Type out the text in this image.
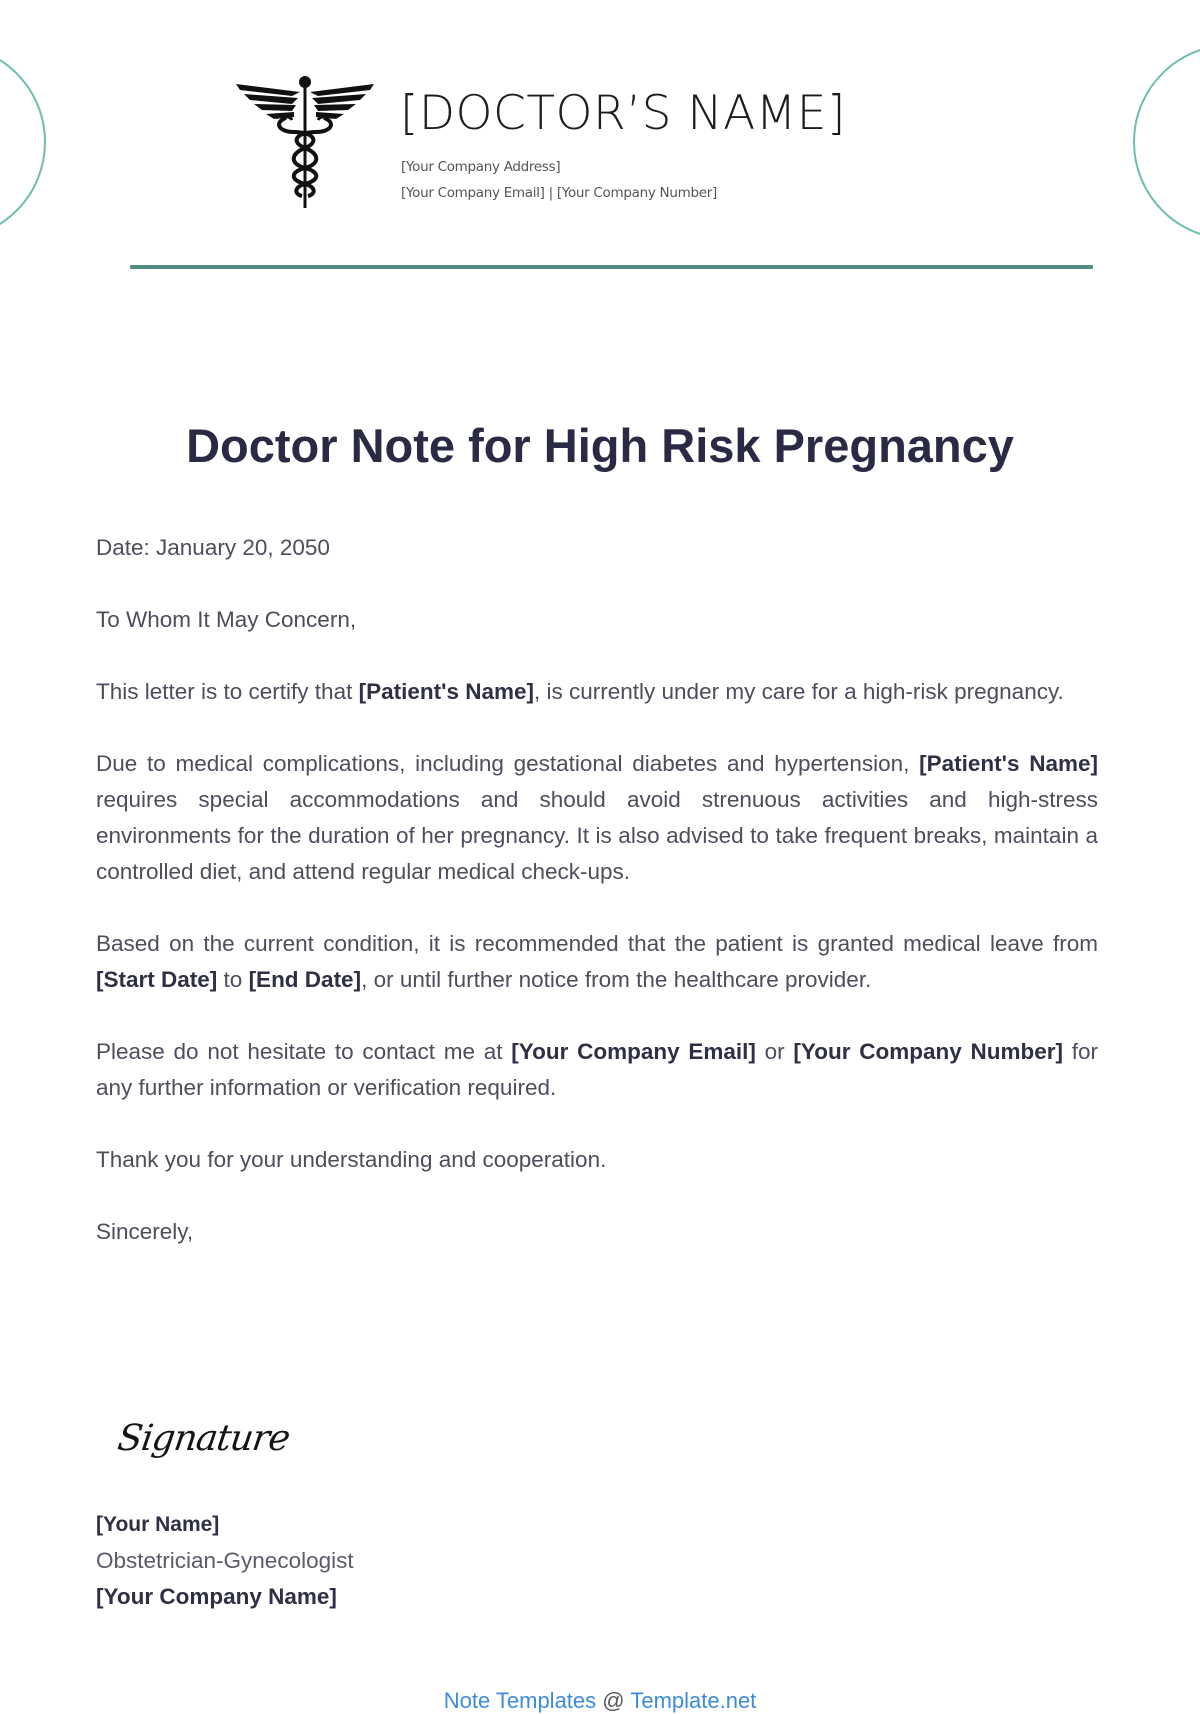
[DOCTOR’S NAME]
[Your Company Address]
[Your Company Email] | [Your Company Number]
Doctor Note for High Risk Pregnancy

Date: January 20, 2050

To Whom It May Concern,

This letter is to certify that [Patient's Name], is currently under my care for a high-risk pregnancy.

Due to medical complications, including gestational diabetes and hypertension, [Patient's Name] requires special accommodations and should avoid strenuous activities and high-stress environments for the duration of her pregnancy. It is also advised to take frequent breaks, maintain a controlled diet, and attend regular medical check-ups.

Based on the current condition, it is recommended that the patient is granted medical leave from [Start Date] to [End Date], or until further notice from the healthcare provider.

Please do not hesitate to contact me at [Your Company Email] or [Your Company Number] for any further information or verification required.

Thank you for your understanding and cooperation.

Sincerely,

Signature
[Your Name]
Obstetrician-Gynecologist
[Your Company Name]
Note Templates @ Template.net
